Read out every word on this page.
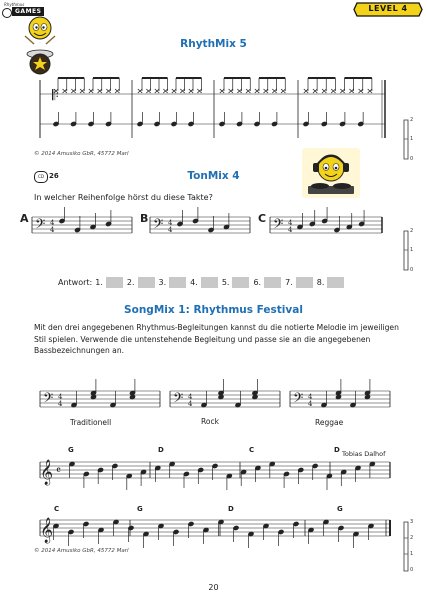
Rhythmus
GAMES	LEVEL 4
RhythMix 5
𝄆
© 2014 Amusiko GbR, 45772 Marl
CD 26	TonMix 4
In welcher Reihenfolge hörst du diese Takte?
A	B	C
𝄢 4
4	𝄢 4
4	𝄢 4
4
Antwort: 1.	2.	3.	4.	5.	6.	7.	8.
SongMix 1: Rhythmus Festival
Mit den drei angegebenen Rhythmus-Begleitungen kannst du die notierte Melodie im jeweiligen Stil spielen. Verwende die untenstehende Begleitung und passe sie an die angegebenen Bassbezeichnungen an.
𝄢 4
4	𝄢 4
4	𝄢 4
4
𝄞 𝄴
𝄞
Traditionell	Rock	Reggae
G	D	C	D Tobias Dalhof
C	G	D	G
© 2014 Amusiko GbR, 45772 Marl
2
1
0
2
1
0
3
2
1
0
20
